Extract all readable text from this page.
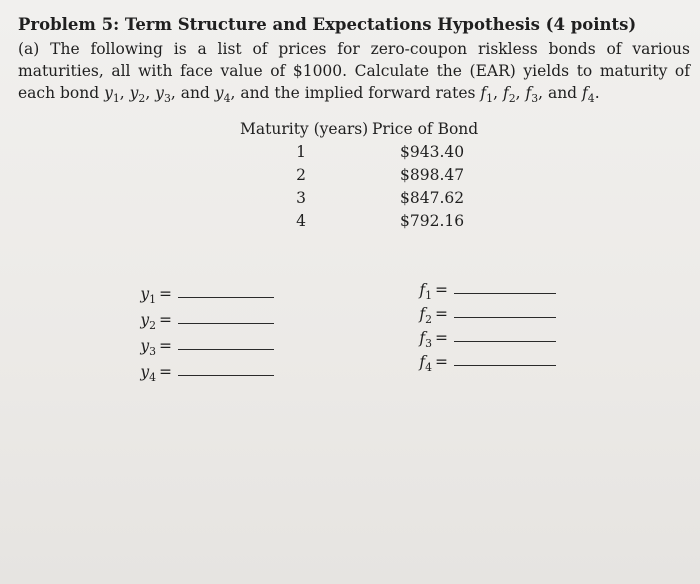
Problem 5: Term Structure and Expectations Hypothesis (4 points)
(a) The following is a list of prices for zero-coupon riskless bonds of various maturities, all with face value of $1000. Calculate the (EAR) yields to maturity of each bond $y_1$, $y_2$, $y_3$, and $y_4$, and the implied forward rates $f_1$, $f_2$, $f_3$, and $f_4$.
Maturity (years) Price of Bond
1	$943.40
2	$898.47
3	$847.62
4	$792.16
$y_1$ =
$y_2$ =
$y_3$ =
$y_4$ =
$f_1$ =
$f_2$ =
$f_3$ =
$f_4$ =
